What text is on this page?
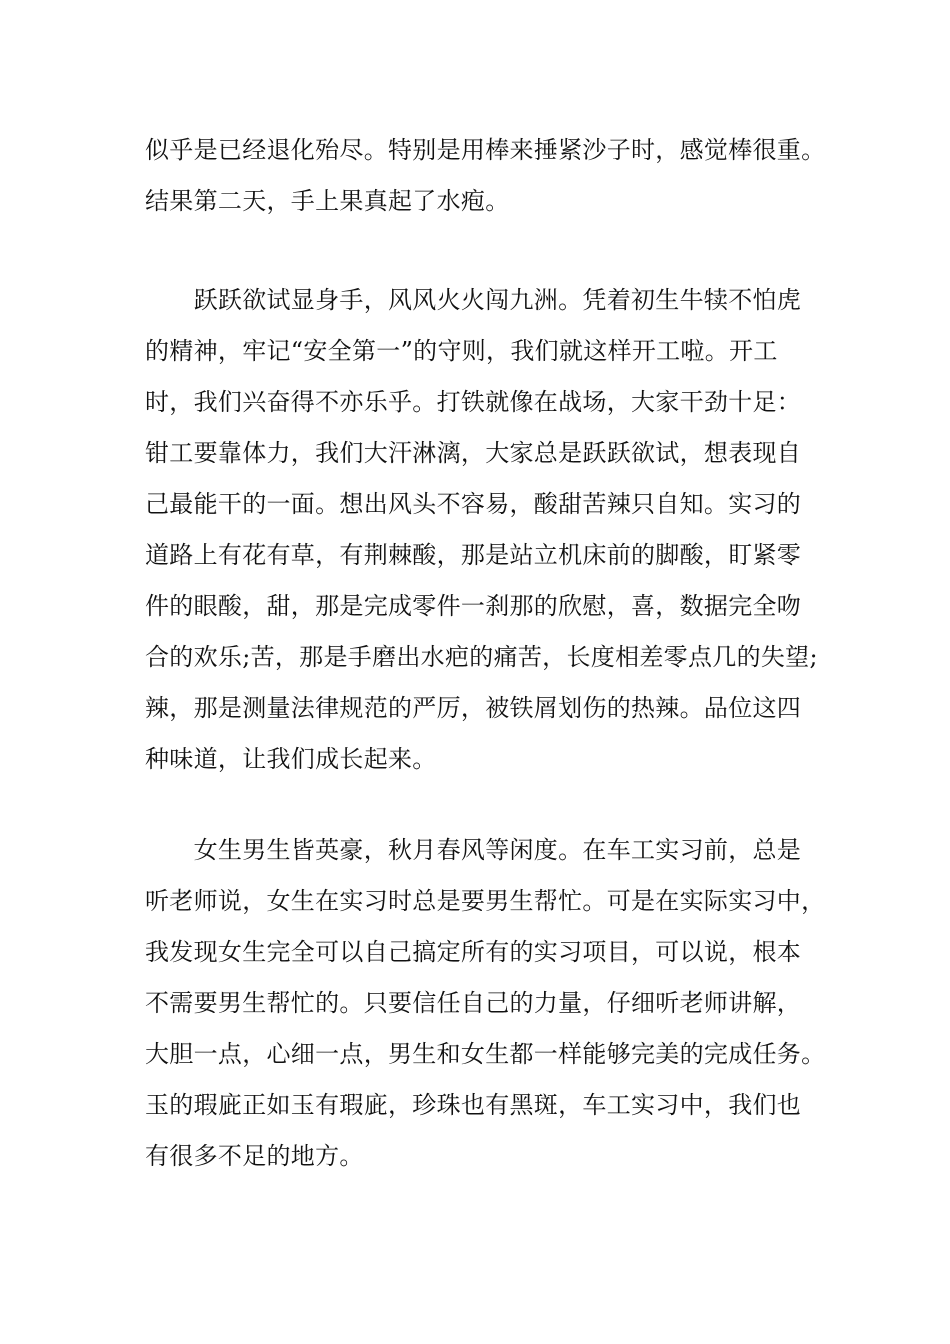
似乎是已经退化殆尽。特别是用棒来捶紧沙子时，感觉棒很重。
结果第二天，手上果真起了水疱。
　　跃跃欲试显身手，风风火火闯九洲。凭着初生牛犊不怕虎
的精神，牢记“安全第一”的守则，我们就这样开工啦。开工
时，我们兴奋得不亦乐乎。打铁就像在战场，大家干劲十足：
钳工要靠体力，我们大汗淋漓，大家总是跃跃欲试，想表现自
己最能干的一面。想出风头不容易，酸甜苦辣只自知。实习的
道路上有花有草，有荆棘酸，那是站立机床前的脚酸，盯紧零
件的眼酸，甜，那是完成零件一刹那的欣慰，喜，数据完全吻
合的欢乐;苦，那是手磨出水疤的痛苦，长度相差零点几的失望;
辣，那是测量法律规范的严厉，被铁屑划伤的热辣。品位这四
种味道，让我们成长起来。
　　女生男生皆英豪，秋月春风等闲度。在车工实习前，总是
听老师说，女生在实习时总是要男生帮忙。可是在实际实习中，
我发现女生完全可以自己搞定所有的实习项目，可以说，根本
不需要男生帮忙的。只要信任自己的力量，仔细听老师讲解，
大胆一点，心细一点，男生和女生都一样能够完美的完成任务。
玉的瑕庛正如玉有瑕庛，珍珠也有黑斑，车工实习中，我们也
有很多不足的地方。
